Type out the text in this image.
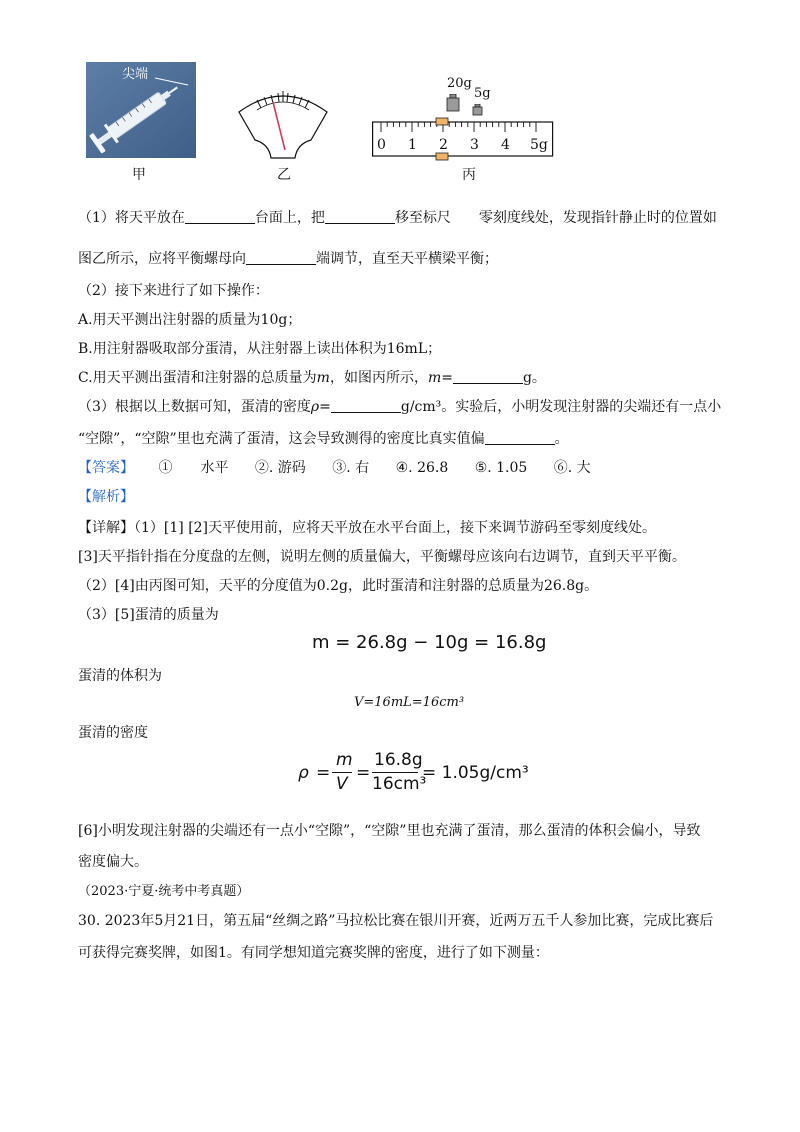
尖端
甲	乙
20g
5g
0 1 2 3 4 5g
丙
（1）将天平放在	台面上，把	移至标尺　　零刻度线处，发现指针静止时的位置如
图乙所示，应将平衡螺母向	端调节，直至天平横梁平衡；
（2）接下来进行了如下操作：
A.用天平测出注射器的质量为10g；
B.用注射器吸取部分蛋清，从注射器上读出体积为16mL；
C.用天平测出蛋清和注射器的总质量为m，如图丙所示，m=	g。
（3）根据以上数据可知，蛋清的密度ρ=	g/cm³。实验后，小明发现注射器的尖端还有一点小
“空隙”，“空隙”里也充满了蛋清，这会导致测得的密度比真实值偏	。
【答案】 ①　　水平 ②. 游码 ③. 右 ④. 26.8 ⑤. 1.05 ⑥. 大
【解析】
【详解】（1）[1] [2]天平使用前，应将天平放在水平台面上，接下来调节游码至零刻度线处。
[3]天平指针指在分度盘的左侧，说明左侧的质量偏大，平衡螺母应该向右边调节，直到天平平衡。
（2）[4]由丙图可知，天平的分度值为0.2g，此时蛋清和注射器的总质量为26.8g。
（3）[5]蛋清的质量为
m = 26.8g − 10g = 16.8g
蛋清的体积为
V=16mL=16cm³
蛋清的密度
ρ =
m
V
=
16.8g
16cm³
= 1.05g/cm³
[6]小明发现注射器的尖端还有一点小“空隙”，“空隙”里也充满了蛋清，那么蛋清的体积会偏小，导致
密度偏大。
（2023·宁夏·统考中考真题）
30. 2023年5月21日，第五届“丝绸之路”马拉松比赛在银川开赛，近两万五千人参加比赛，完成比赛后
可获得完赛奖牌，如图1。有同学想知道完赛奖牌的密度，进行了如下测量：
